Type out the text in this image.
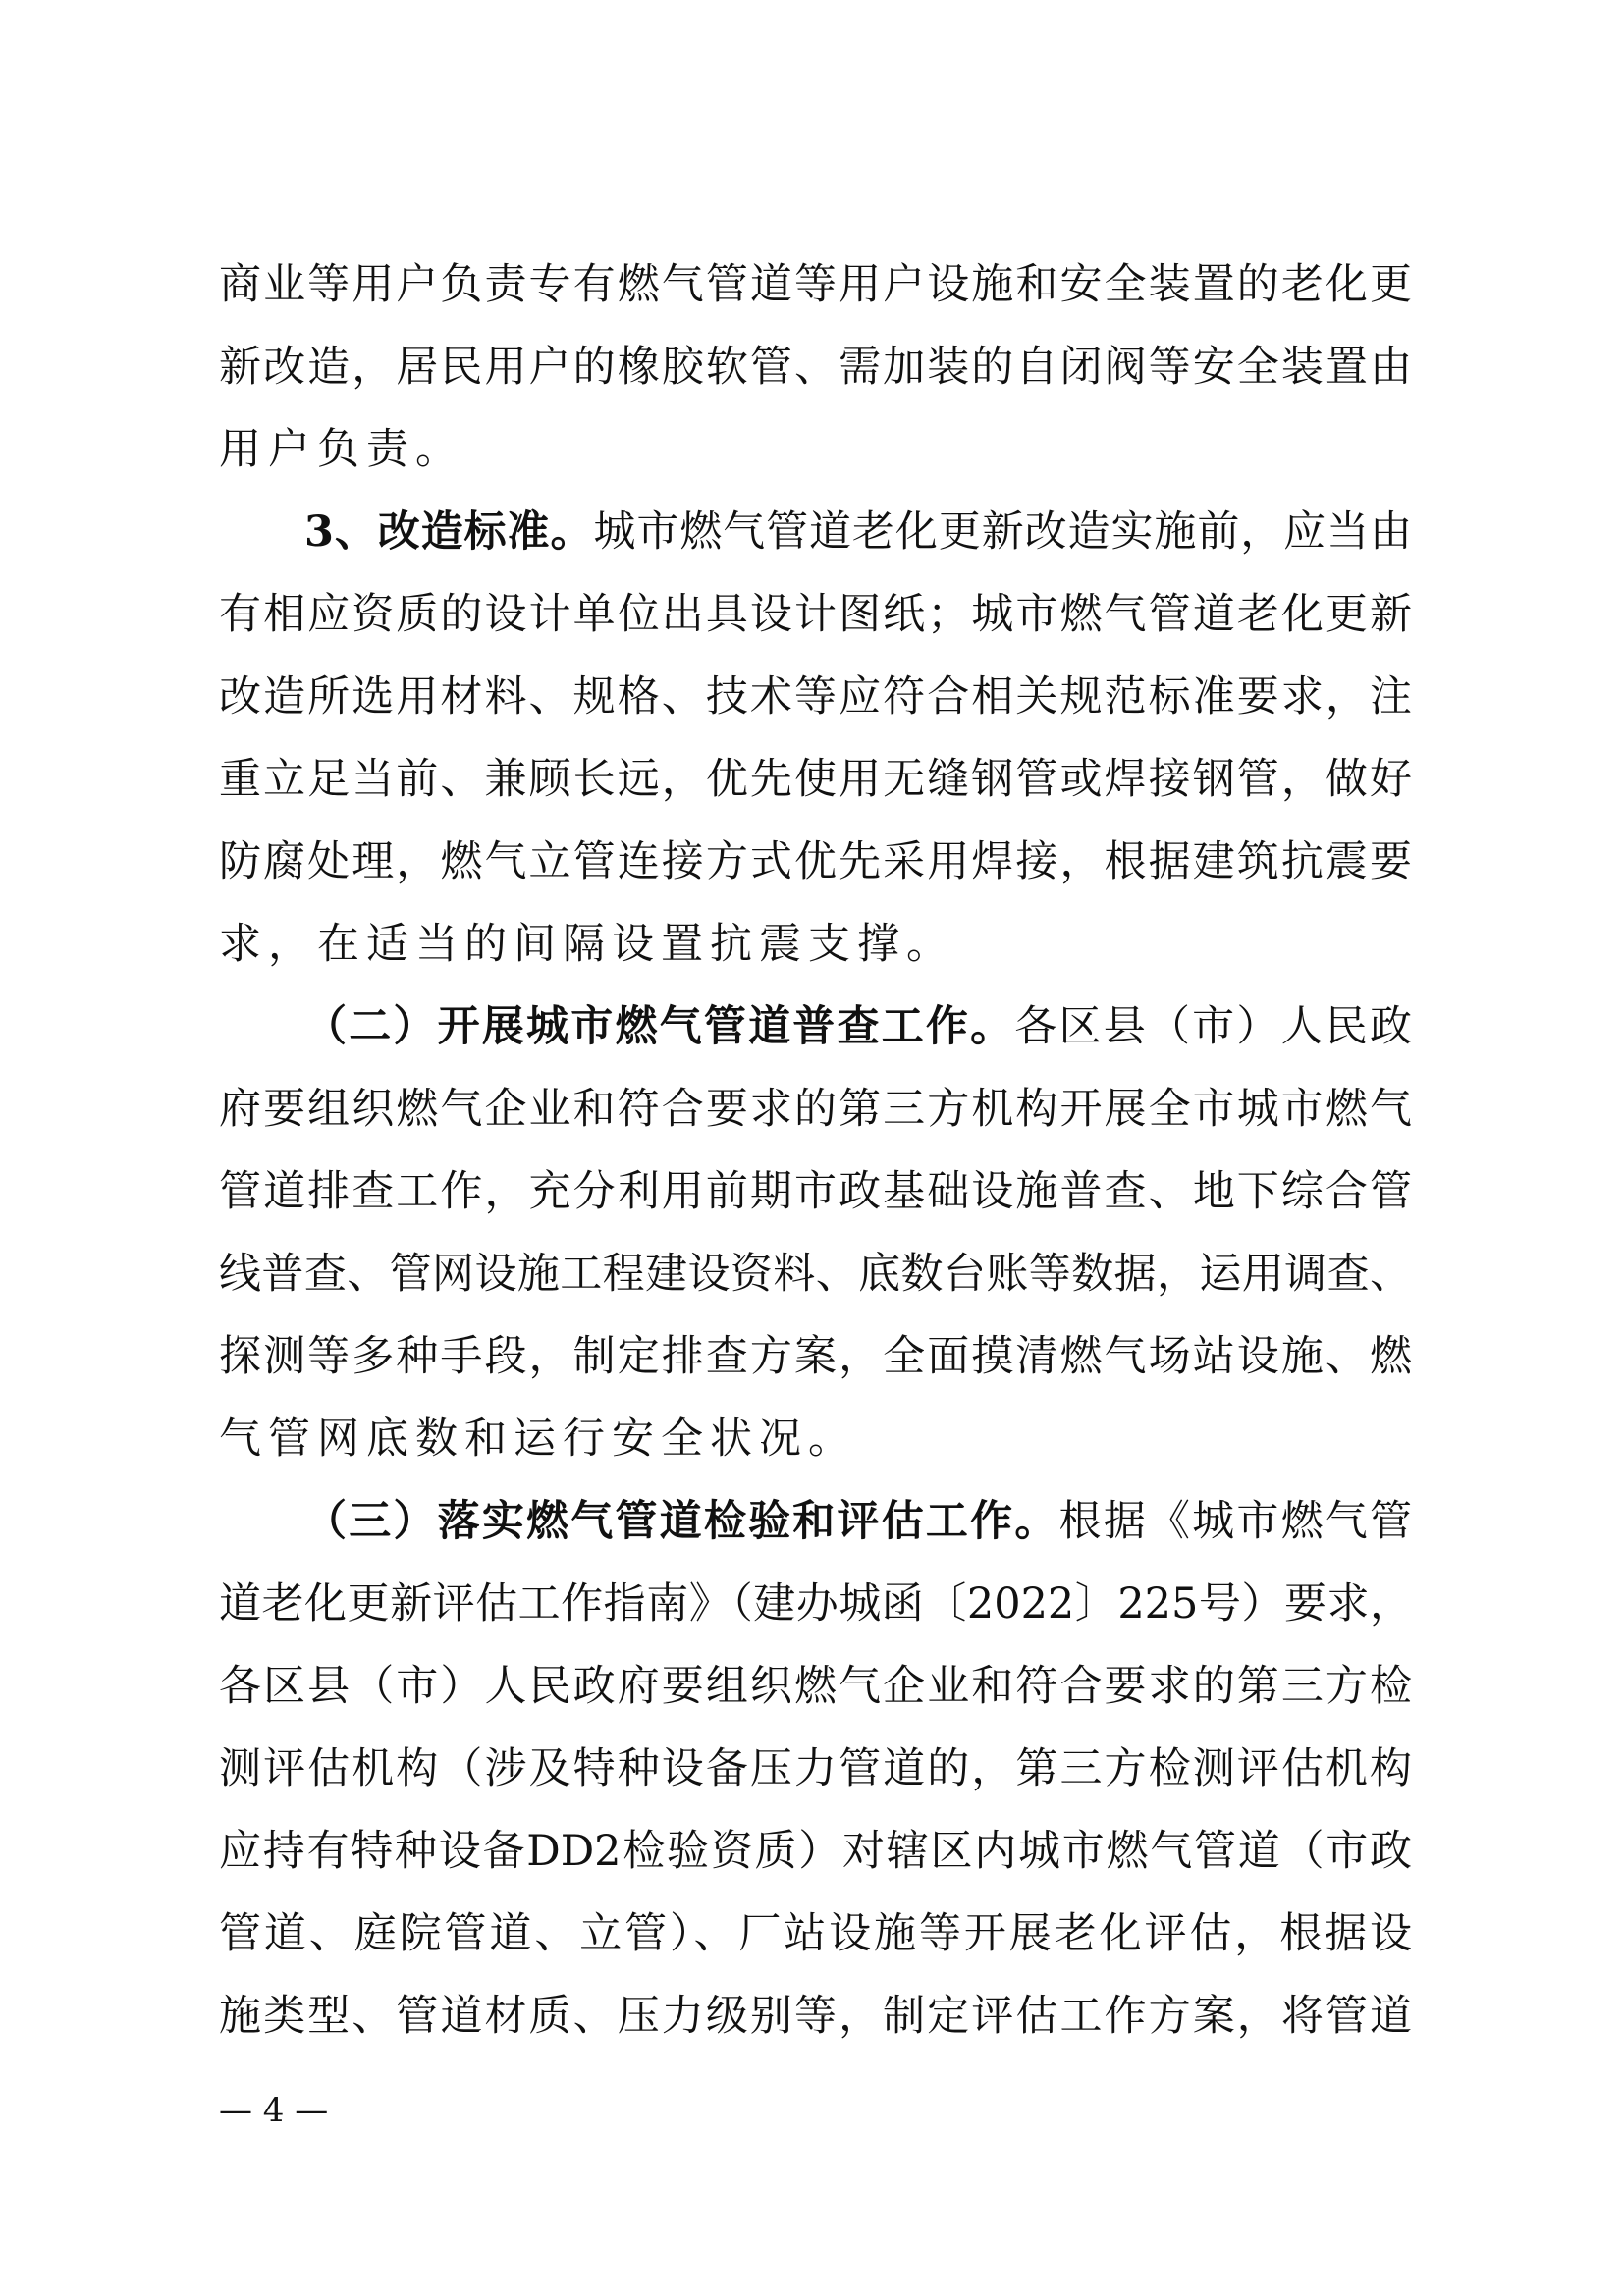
商业等用户负责专有燃气管道等用户设施和安全装置的老化更
新改造，居民用户的橡胶软管、需加装的自闭阀等安全装置由
用户负责。
3、改造标准。城市燃气管道老化更新改造实施前，应当由
有相应资质的设计单位出具设计图纸；城市燃气管道老化更新
改造所选用材料、规格、技术等应符合相关规范标准要求，注
重立足当前、兼顾长远，优先使用无缝钢管或焊接钢管，做好
防腐处理，燃气立管连接方式优先采用焊接，根据建筑抗震要
求，在适当的间隔设置抗震支撑。
（二）开展城市燃气管道普查工作。各区县（市）人民政
府要组织燃气企业和符合要求的第三方机构开展全市城市燃气
管道排查工作，充分利用前期市政基础设施普查、地下综合管
线普查、管网设施工程建设资料、底数台账等数据，运用调查、
探测等多种手段，制定排查方案，全面摸清燃气场站设施、燃
气管网底数和运行安全状况。
（三）落实燃气管道检验和评估工作。根据《城市燃气管
道老化更新评估工作指南》（建办城函〔2022〕225号）要求，
各区县（市）人民政府要组织燃气企业和符合要求的第三方检
测评估机构（涉及特种设备压力管道的，第三方检测评估机构
应持有特种设备DD2检验资质）对辖区内城市燃气管道（市政
管道、庭院管道、立管）、厂站设施等开展老化评估，根据设
施类型、管道材质、压力级别等，制定评估工作方案，将管道
— 4 —
